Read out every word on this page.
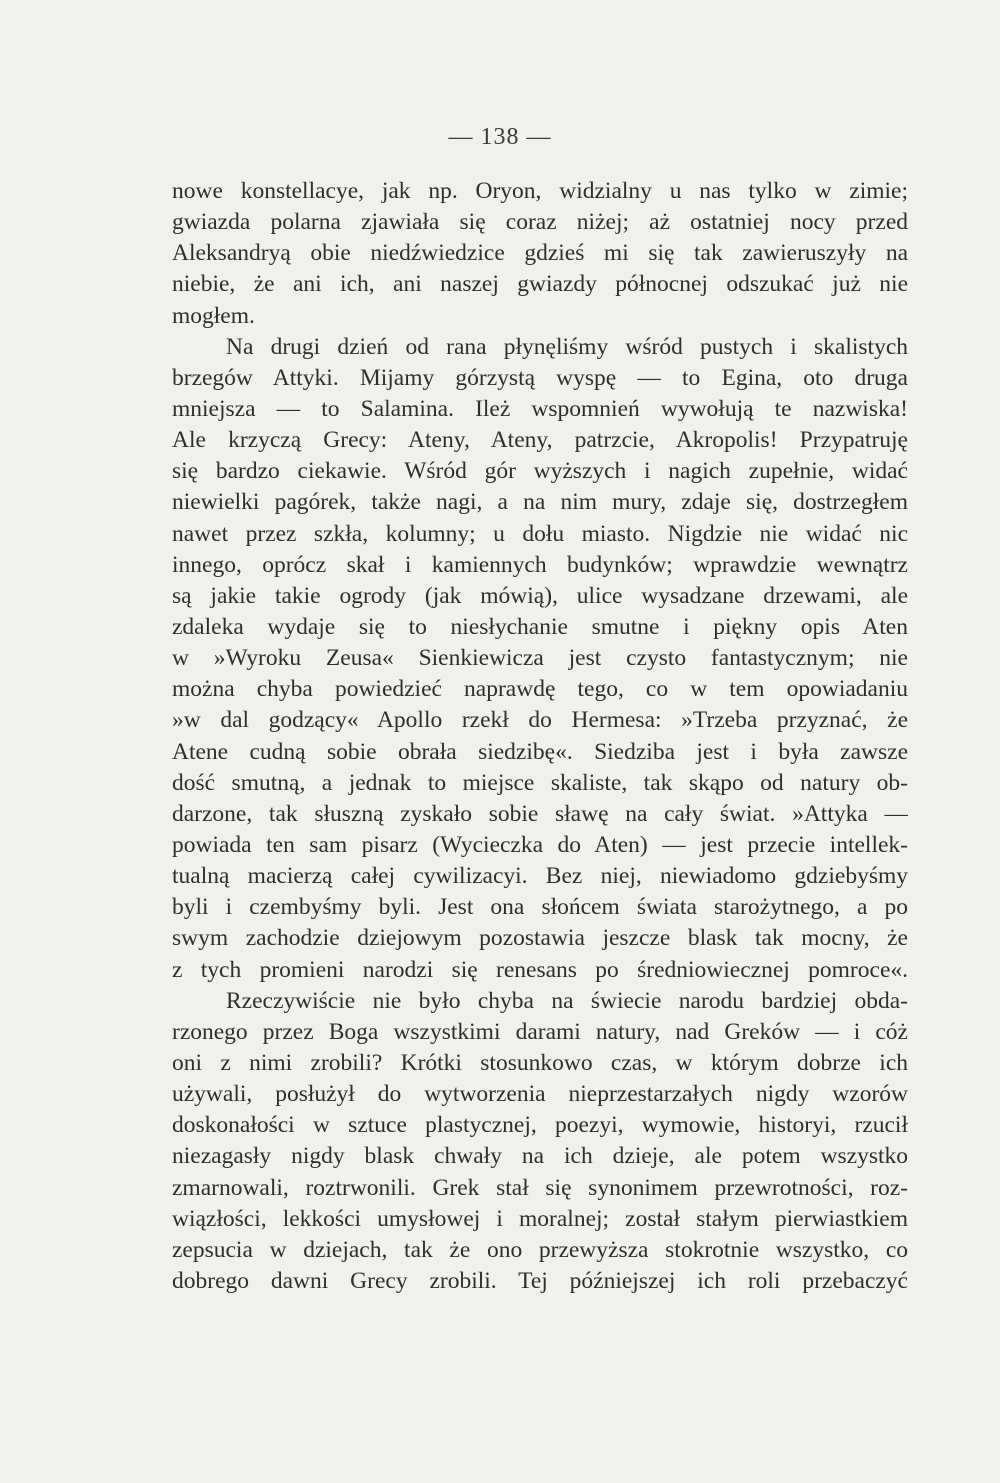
— 138 —
nowe konstellacye, jak np. Oryon, widzialny u nas tylko w zimie;
gwiazda polarna zjawiała się coraz niżej; aż ostatniej nocy przed
Aleksandryą obie niedźwiedzice gdzieś mi się tak zawieruszyły na
niebie, że ani ich, ani naszej gwiazdy północnej odszukać już nie
mogłem.
Na drugi dzień od rana płynęliśmy wśród pustych i skalistych
brzegów Attyki. Mijamy górzystą wyspę — to Egina, oto druga
mniejsza — to Salamina. Ileż wspomnień wywołują te nazwiska!
Ale krzyczą Grecy: Ateny, Ateny, patrzcie, Akropolis! Przypatruję
się bardzo ciekawie. Wśród gór wyższych i nagich zupełnie, widać
niewielki pagórek, także nagi, a na nim mury, zdaje się, dostrzegłem
nawet przez szkła, kolumny; u dołu miasto. Nigdzie nie widać nic
innego, oprócz skał i kamiennych budynków; wprawdzie wewnątrz
są jakie takie ogrody (jak mówią), ulice wysadzane drzewami, ale
zdaleka wydaje się to niesłychanie smutne i piękny opis Aten
w »Wyroku Zeusa« Sienkiewicza jest czysto fantastycznym; nie
można chyba powiedzieć naprawdę tego, co w tem opowiadaniu
»w dal godzący« Apollo rzekł do Hermesa: »Trzeba przyznać, że
Atene cudną sobie obrała siedzibę«. Siedziba jest i była zawsze
dość smutną, a jednak to miejsce skaliste, tak skąpo od natury ob-
darzone, tak słuszną zyskało sobie sławę na cały świat. »Attyka —
powiada ten sam pisarz (Wycieczka do Aten) — jest przecie intellek-
tualną macierzą całej cywilizacyi. Bez niej, niewiadomo gdziebyśmy
byli i czembyśmy byli. Jest ona słońcem świata starożytnego, a po
swym zachodzie dziejowym pozostawia jeszcze blask tak mocny, że
z tych promieni narodzi się renesans po średniowiecznej pomroce«.
Rzeczywiście nie było chyba na świecie narodu bardziej obda-
rzonego przez Boga wszystkimi darami natury, nad Greków — i cóż
oni z nimi zrobili? Krótki stosunkowo czas, w którym dobrze ich
używali, posłużył do wytworzenia nieprzestarzałych nigdy wzorów
doskonałości w sztuce plastycznej, poezyi, wymowie, historyi, rzucił
niezagasły nigdy blask chwały na ich dzieje, ale potem wszystko
zmarnowali, roztrwonili. Grek stał się synonimem przewrotności, roz-
wiązłości, lekkości umysłowej i moralnej; został stałym pierwiastkiem
zepsucia w dziejach, tak że ono przewyższa stokrotnie wszystko, co
dobrego dawni Grecy zrobili. Tej późniejszej ich roli przebaczyć
